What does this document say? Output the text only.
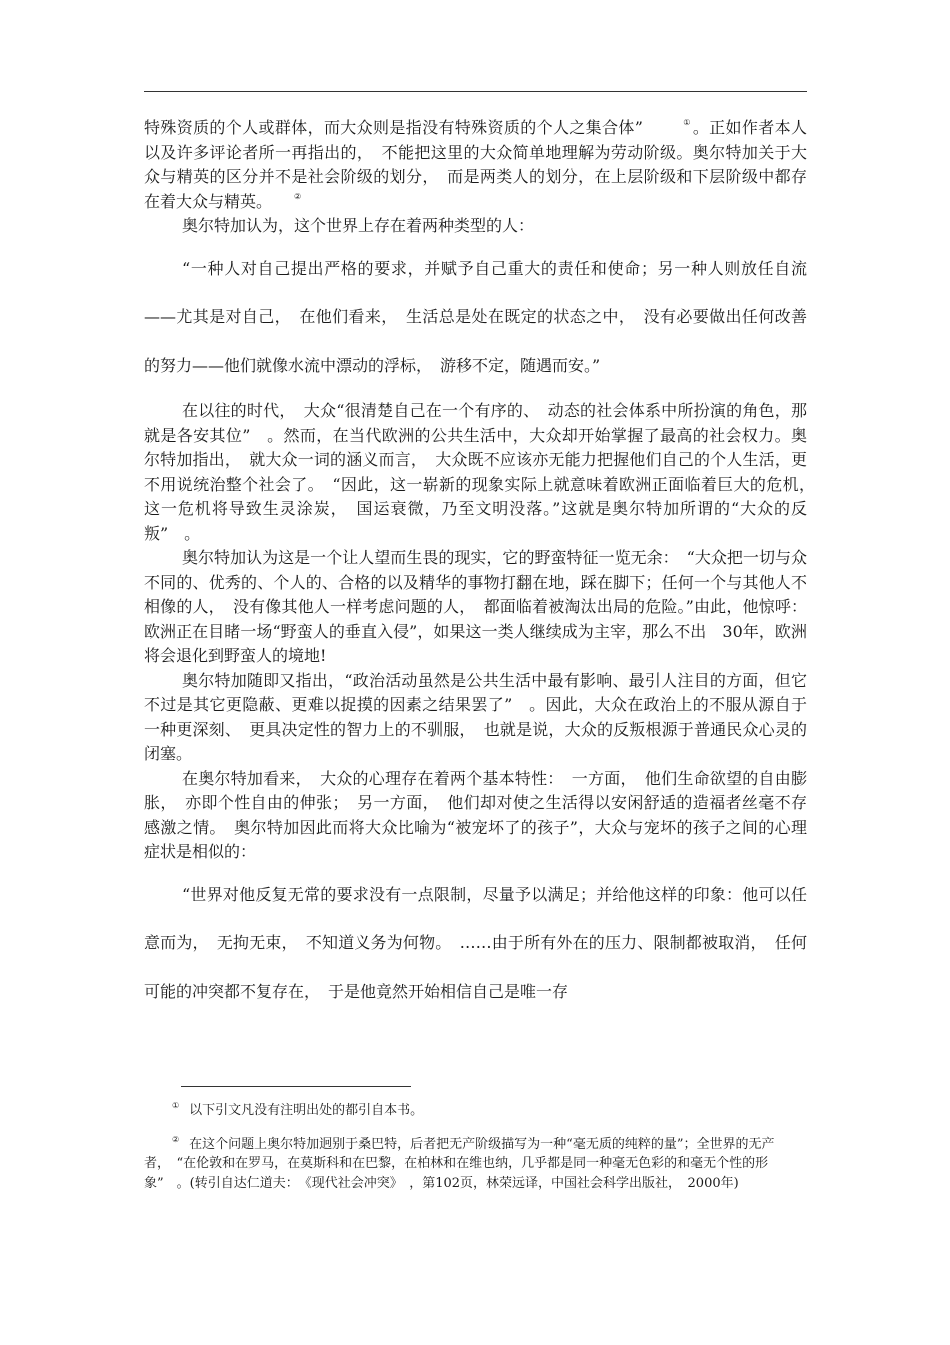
特殊资质的个人或群体，而大众则是指没有特殊资质的个人之集合体”	① 。正如作者本人以及许多评论者所一再指出的，　不能把这里的大众简单地理解为劳动阶级。奥尔特加关于大众与精英的区分并不是社会阶级的划分，　而是两类人的划分，在上层阶级和下层阶级中都存在着大众与精英。	②

奥尔特加认为，这个世界上存在着两种类型的人：

“一种人对自己提出严格的要求，并赋予自己重大的责任和使命；另一种人则放任自流——尤其是对自己，　在他们看来，　生活总是处在既定的状态之中，　没有必要做出任何改善的努力——他们就像水流中漂动的浮标，　游移不定，随遇而安。”

在以往的时代，　大众“很清楚自己在一个有序的、　动态的社会体系中所扮演的角色，那就是各安其位”　。然而，在当代欧洲的公共生活中，大众却开始掌握了最高的社会权力。奥尔特加指出，　就大众一词的涵义而言，　大众既不应该亦无能力把握他们自己的个人生活，更不用说统治整个社会了。　“因此，这一崭新的现象实际上就意味着欧洲正面临着巨大的危机，　这一危机将导致生灵涂炭，　国运衰微，乃至文明没落。”这就是奥尔特加所谓的“大众的反叛”　。

奥尔特加认为这是一个让人望而生畏的现实，它的野蛮特征一览无余：　“大众把一切与众不同的、优秀的、个人的、合格的以及精华的事物打翻在地，踩在脚下；任何一个与其他人不相像的人，　没有像其他人一样考虑问题的人，　都面临着被淘汰出局的危险。”由此，他惊呼：欧洲正在目睹一场“野蛮人的垂直入侵”，如果这一类人继续成为主宰，那么不出　30年，欧洲将会退化到野蛮人的境地!

奥尔特加随即又指出，“政治活动虽然是公共生活中最有影响、最引人注目的方面，但它不过是其它更隐蔽、更难以捉摸的因素之结果罢了”　。因此，大众在政治上的不服从源自于一种更深刻、　更具决定性的智力上的不驯服，　也就是说，大众的反叛根源于普通民众心灵的闭塞。

在奥尔特加看来，　大众的心理存在着两个基本特性：　一方面，　他们生命欲望的自由膨胀，　亦即个性自由的伸张；　另一方面，　他们却对使之生活得以安闲舒适的造福者丝毫不存感激之情。　奥尔特加因此而将大众比喻为“被宠坏了的孩子”，大众与宠坏的孩子之间的心理症状是相似的：

“世界对他反复无常的要求没有一点限制，尽量予以满足；并给他这样的印象：他可以任意而为，　无拘无束，　不知道义务为何物。　……由于所有外在的压力、限制都被取消，　任何可能的冲突都不复存在，　于是他竟然开始相信自己是唯一存

① 以下引文凡没有注明出处的都引自本书。

② 在这个问题上奥尔特加迥别于桑巴特，后者把无产阶级描写为一种“毫无质的纯粹的量”；全世界的无产者，　“在伦敦和在罗马，在莫斯科和在巴黎，在柏林和在维也纳，几乎都是同一种毫无色彩的和毫无个性的形象”　。(转引自达仁道夫：　《现代社会冲突》　，第102页，林荣远译，中国社会科学出版社，　2000年)
